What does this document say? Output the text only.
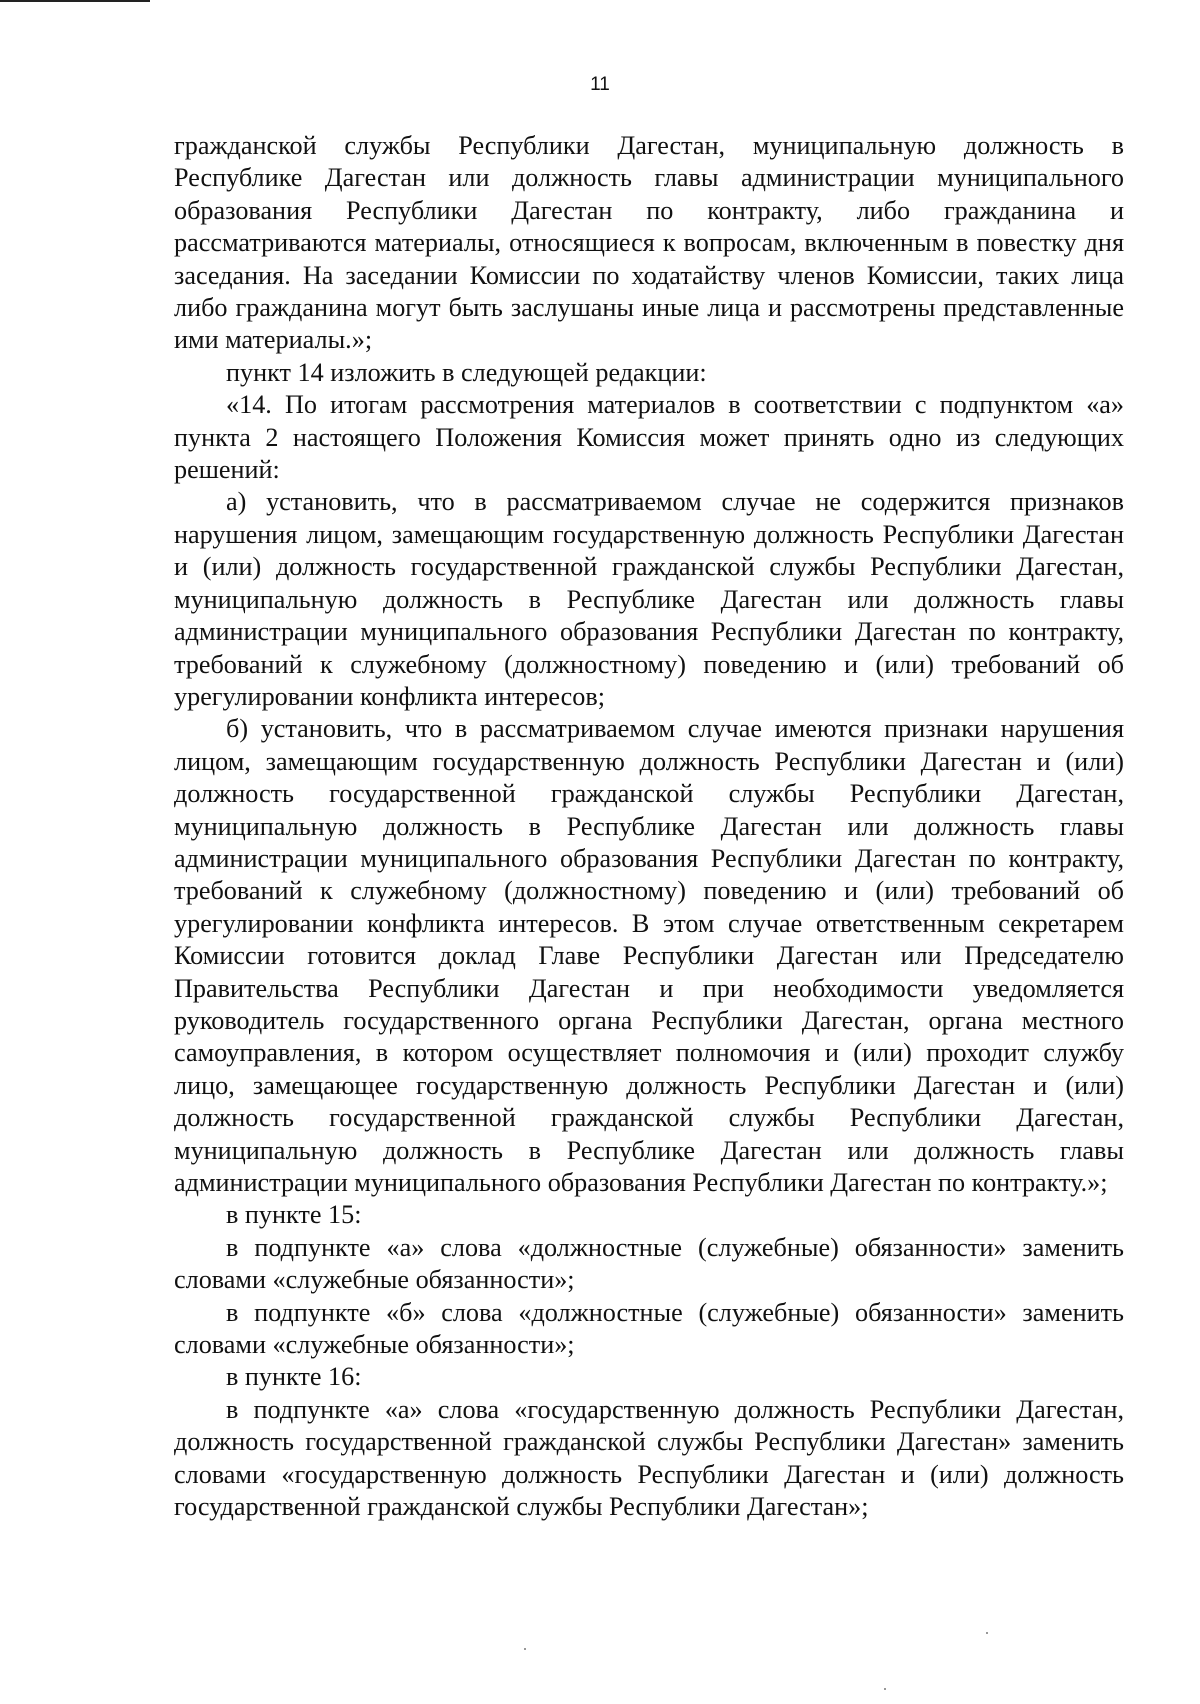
11

гражданской службы Республики Дагестан, муниципальную должность в Республике Дагестан или должность главы администрации муниципального образования Республики Дагестан по контракту, либо гражданина и рассматриваются материалы, относящиеся к вопросам, включенным в повестку дня заседания. На заседании Комиссии по ходатайству членов Комиссии, таких лица либо гражданина могут быть заслушаны иные лица и рассмотрены представленные ими материалы.»;

пункт 14 изложить в следующей редакции:

«14. По итогам рассмотрения материалов в соответствии с подпунктом «а» пункта 2 настоящего Положения Комиссия может принять одно из следующих решений:

а) установить, что в рассматриваемом случае не содержится признаков нарушения лицом, замещающим государственную должность Республики Дагестан и (или) должность государственной гражданской службы Республики Дагестан, муниципальную должность в Республике Дагестан или должность главы администрации муниципального образования Республики Дагестан по контракту, требований к служебному (должностному) поведению и (или) требований об урегулировании конфликта интересов;

б) установить, что в рассматриваемом случае имеются признаки нарушения лицом, замещающим государственную должность Республики Дагестан и (или) должность государственной гражданской службы Республики Дагестан, муниципальную должность в Республике Дагестан или должность главы администрации муниципального образования Республики Дагестан по контракту, требований к служебному (должностному) поведению и (или) требований об урегулировании конфликта интересов. В этом случае ответственным секретарем Комиссии готовится доклад Главе Республики Дагестан или Председателю Правительства Республики Дагестан и при необходимости уведомляется руководитель государственного органа Республики Дагестан, органа местного самоуправления, в котором осуществляет полномочия и (или) проходит службу лицо, замещающее государственную должность Республики Дагестан и (или) должность государственной гражданской службы Республики Дагестан, муниципальную должность в Республике Дагестан или должность главы администрации муниципального образования Республики Дагестан по контракту.»;

в пункте 15:

в подпункте «а» слова «должностные (служебные) обязанности» заменить словами «служебные обязанности»;

в подпункте «б» слова «должностные (служебные) обязанности» заменить словами «служебные обязанности»;

в пункте 16:

в подпункте «а» слова «государственную должность Республики Дагестан, должность государственной гражданской службы Республики Дагестан» заменить словами «государственную должность Республики Дагестан и (или) должность государственной гражданской службы Республики Дагестан»;
